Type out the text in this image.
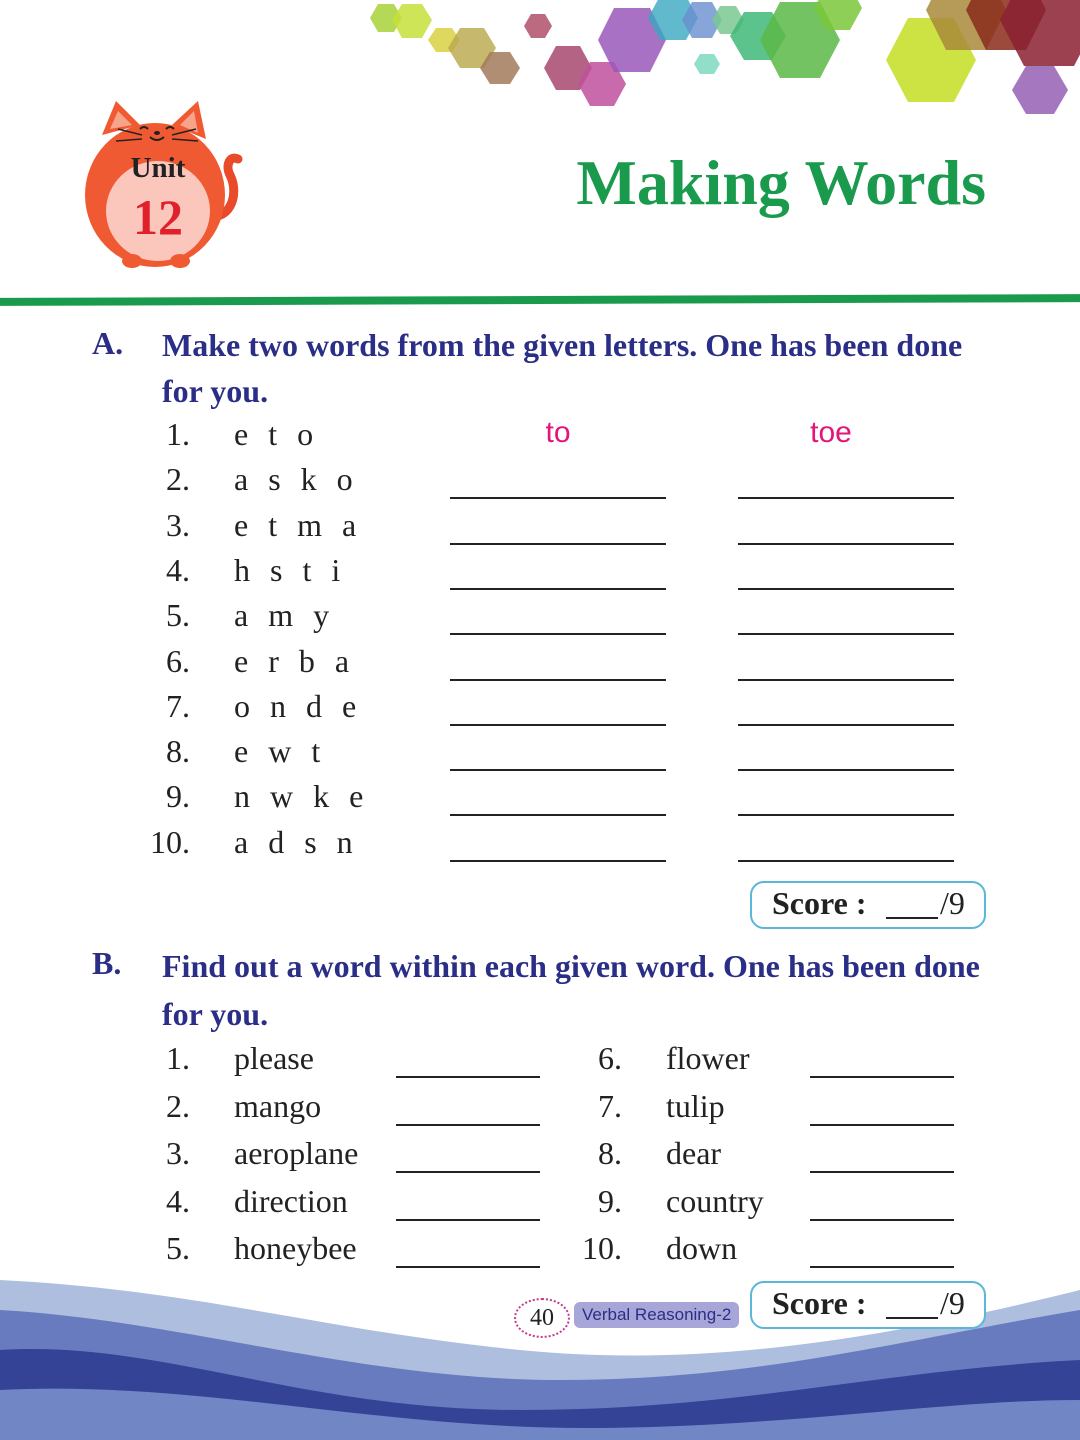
Unit
12	Making Words
A. Make two words from the given letters. One has been done for you.
1. e t o	to	toe
2. a s k o
3. e t m a
4. h s t i
5. a m y
6. e r b a
7. o n d e
8. e w t
9. n w k e
10. a d s n
Score : /9
B. Find out a word within each given word. One has been done for you.
1. please	6. flower
2. mango	7. tulip
3. aeroplane	8. dear
4. direction	9. country
5. honeybee	10. down
Score : /9
40	Verbal Reasoning-2
